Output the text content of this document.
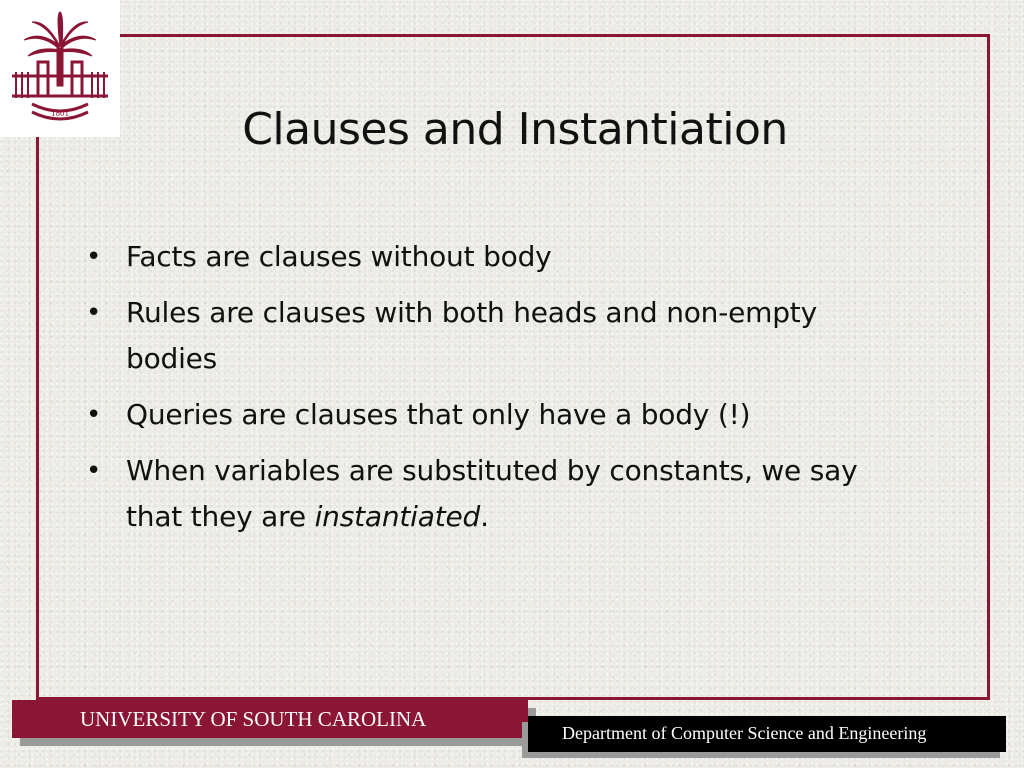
1801	Clauses and Instantiation
• Facts are clauses without body
• Rules are clauses with both heads and non-empty bodies
• Queries are clauses that only have a body (!)
• When variables are substituted by constants, we say that they are instantiated.
UNIVERSITY OF SOUTH CAROLINA
Department of Computer Science and Engineering
